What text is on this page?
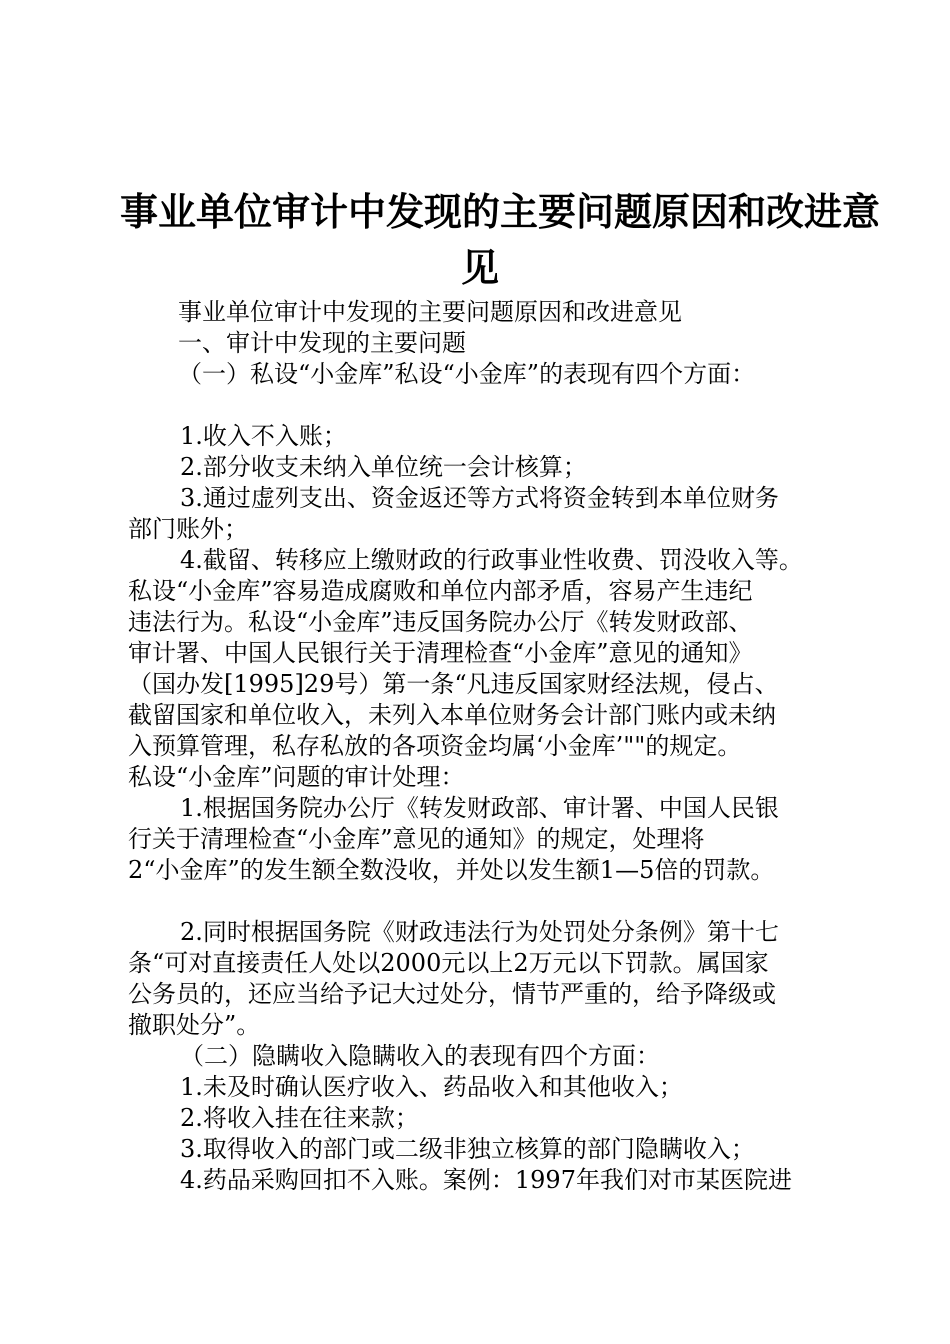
事业单位审计中发现的主要问题原因和改进意
见
事业单位审计中发现的主要问题原因和改进意见
一、审计中发现的主要问题
（一）私设“小金库”私设“小金库”的表现有四个方面：
1.收入不入账；
2.部分收支未纳入单位统一会计核算；
3.通过虚列支出、资金返还等方式将资金转到本单位财务
部门账外；
4.截留、转移应上缴财政的行政事业性收费、罚没收入等。
私设“小金库”容易造成腐败和单位内部矛盾，容易产生违纪
违法行为。私设“小金库”违反国务院办公厅《转发财政部、
审计署、中国人民银行关于清理检查“小金库”意见的通知》
（国办发[1995]29号）第一条“凡违反国家财经法规，侵占、
截留国家和单位收入，未列入本单位财务会计部门账内或未纳
入预算管理，私存私放的各项资金均属‘小金库’""的规定。
私设“小金库”问题的审计处理：
1.根据国务院办公厅《转发财政部、审计署、中国人民银
行关于清理检查“小金库”意见的通知》的规定，处理将
2“小金库”的发生额全数没收，并处以发生额1—5倍的罚款。
2.同时根据国务院《财政违法行为处罚处分条例》第十七
条“可对直接责任人处以2000元以上2万元以下罚款。属国家
公务员的，还应当给予记大过处分，情节严重的，给予降级或
撤职处分”。
（二）隐瞒收入隐瞒收入的表现有四个方面：
1.未及时确认医疗收入、药品收入和其他收入；
2.将收入挂在往来款；
3.取得收入的部门或二级非独立核算的部门隐瞒收入；
4.药品采购回扣不入账。案例：1997年我们对市某医院进
